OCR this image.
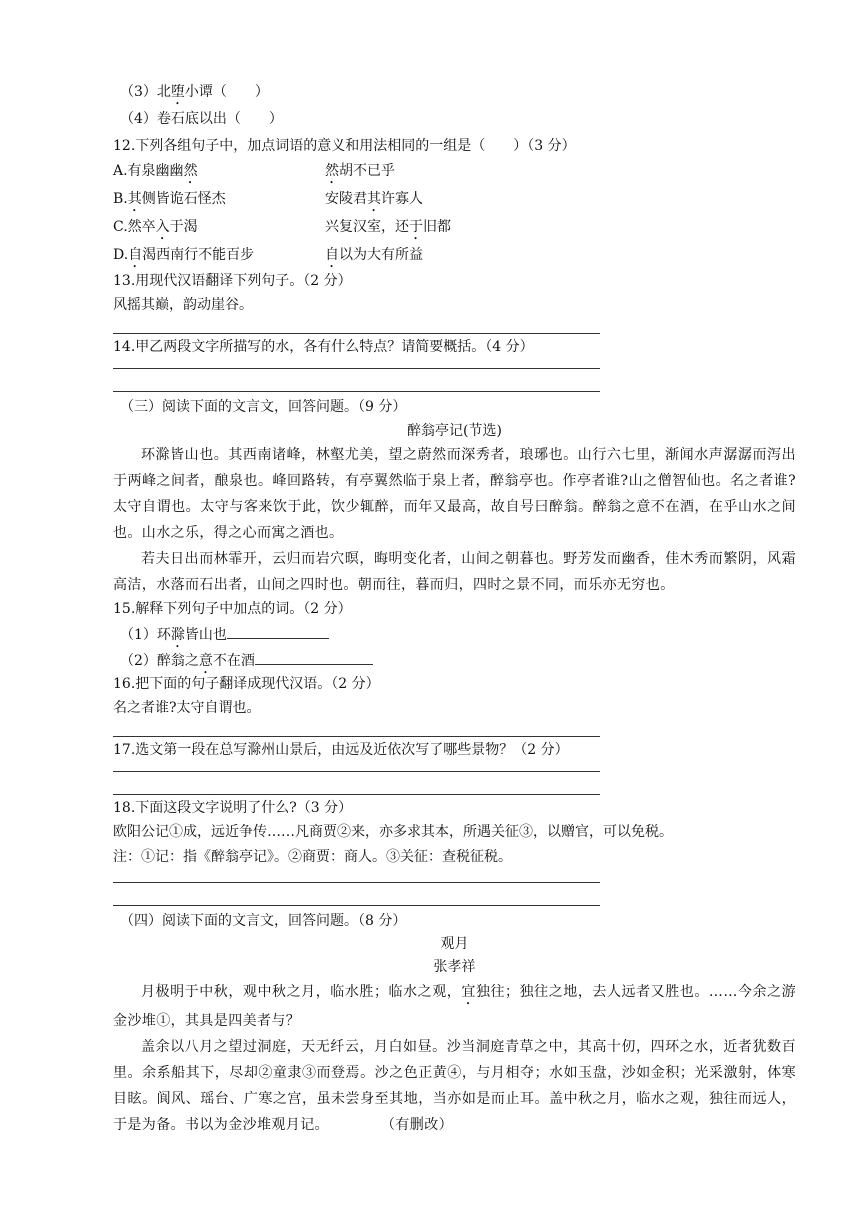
（3）北堕小谭（　　）
（4）卷石底以出（　　）
12.下列各组句子中，加点词语的意义和用法相同的一组是（　　）（3 分）
A.有泉幽幽然	然胡不已乎
B.其侧皆诡石怪杰	安陵君其许寡人
C.然卒入于渴	兴复汉室，还于旧都
D.自渴西南行不能百步	自以为大有所益
13.用现代汉语翻译下列句子。（2 分）
风摇其巅，韵动崖谷。
14.甲乙两段文字所描写的水，各有什么特点？请简要概括。（4 分）
（三）阅读下面的文言文，回答问题。（9 分）
醉翁亭记(节选)
环滁皆山也。其西南诸峰，林壑尤美，望之蔚然而深秀者，琅琊也。山行六七里，渐闻水声潺潺而泻出于两峰之间者，酿泉也。峰回路转，有亭翼然临于泉上者，醉翁亭也。作亭者谁?山之僧智仙也。名之者谁?太守自谓也。太守与客来饮于此，饮少辄醉，而年又最高，故自号曰醉翁。醉翁之意不在酒，在乎山水之间也。山水之乐，得之心而寓之酒也。
若夫日出而林霏开，云归而岩穴暝，晦明变化者，山间之朝暮也。野芳发而幽香，佳木秀而繁阴，风霜高洁，水落而石出者，山间之四时也。朝而往，暮而归，四时之景不同，而乐亦无穷也。
15.解释下列句子中加点的词。（2 分）
（1）环滁皆山也
（2）醉翁之意不在酒
16.把下面的句子翻译成现代汉语。（2 分）
名之者谁?太守自谓也。
17.选文第一段在总写滁州山景后，由远及近依次写了哪些景物？（2 分）
18.下面这段文字说明了什么?（3 分）
欧阳公记①成，远近争传……凡商贾②来，亦多求其本，所遇关征③，以赠官，可以免税。
注：①记：指《醉翁亭记》。②商贾：商人。③关征：查税征税。
（四）阅读下面的文言文，回答问题。（8 分）
观月
张孝祥
月极明于中秋，观中秋之月，临水胜；临水之观，宜独往；独往之地，去人远者又胜也。……今余之游金沙堆①，其具是四美者与？
盖余以八月之望过洞庭，天无纤云，月白如昼。沙当洞庭青草之中，其高十仞，四环之水，近者犹数百里。余系船其下，尽却②童隶③而登焉。沙之色正黄④，与月相夺；水如玉盘，沙如金积；光采激射，体寒目眩。阆风、瑶台、广寒之宫，虽未尝身至其地，当亦如是而止耳。盖中秋之月，临水之观，独往而远人，于是为备。书以为金沙堆观月记。	（有删改）
